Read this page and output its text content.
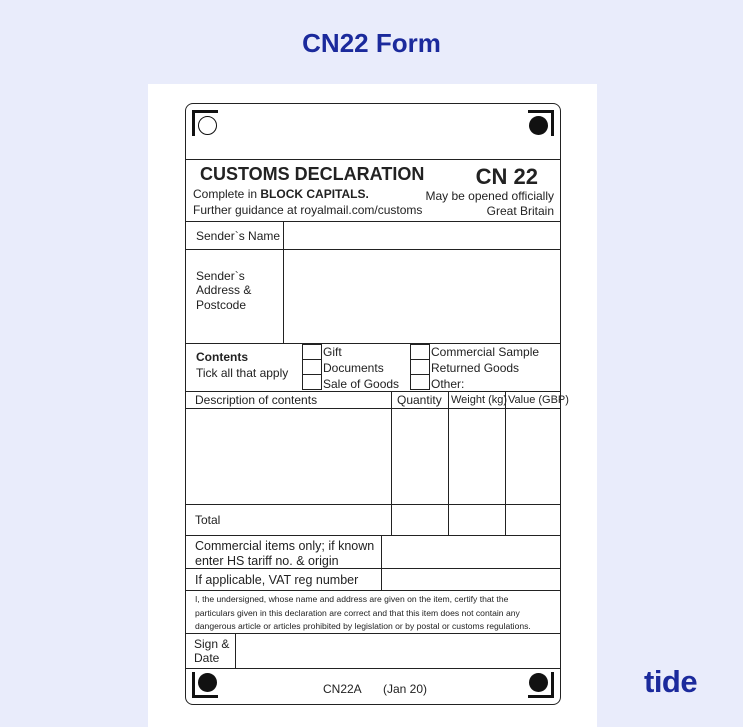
CN22 Form
CUSTOMS DECLARATION CN 22
Complete in BLOCK CAPITALS.
Further guidance at royalmail.com/customs
May be opened officially
Great Britain
Sender`s Name
Sender`s
Address &
Postcode
Contents
Tick all that apply
Gift
Documents
Sale of Goods
Commercial Sample
Returned Goods
Other:
Description of contents	Quantity Weight (kg) Value (GBP)
Total
Commercial items only; if known
enter HS tariff no. & origin
If applicable, VAT reg number
I, the undersigned, whose name and address are given on the item, certify that the
particulars given in this declaration are correct and that this item does not contain any
dangerous article or articles prohibited by legislation or by postal or customs regulations.
Sign &
Date
CN22A (Jan 20)	tide
